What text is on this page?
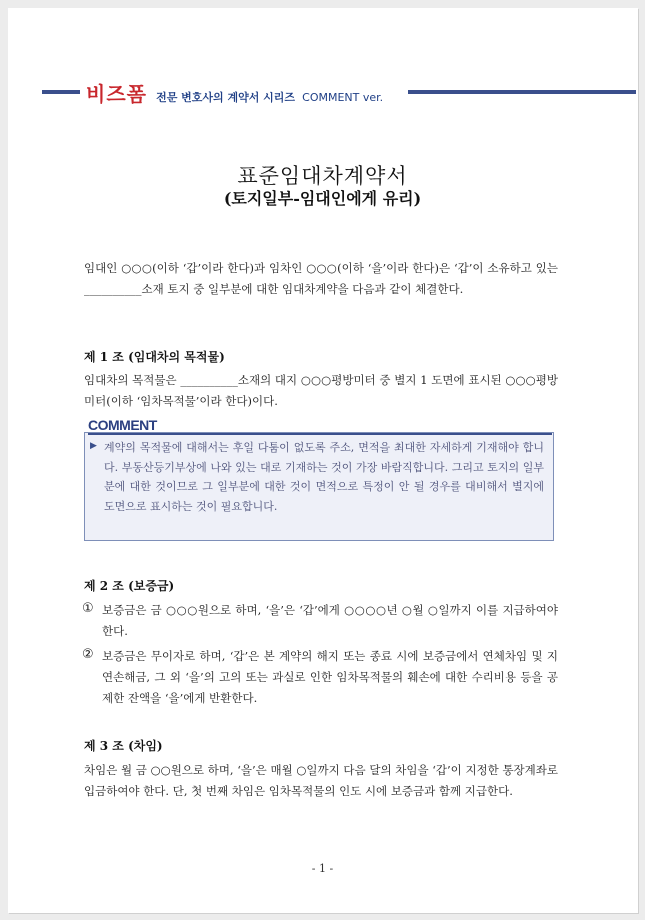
비즈폼 전문 변호사의 계약서 시리즈 COMMENT ver.
표준임대차계약서
(토지일부-임대인에게 유리)
임대인 ○○○(이하 ‘갑’이라 한다)과 임차인 ○○○(이하 ‘을’이라 한다)은 ‘갑’이 소유하고 있는 __________소재 토지 중 일부분에 대한 임대차계약을 다음과 같이 체결한다.
제 1 조 (임대차의 목적물)
임대차의 목적물은 __________소재의 대지 ○○○평방미터 중 별지 1 도면에 표시된 ○○○평방미터(이하 ‘임차목적물’이라 한다)이다.
COMMENT
▶ 계약의 목적물에 대해서는 후일 다툼이 없도록 주소, 면적을 최대한 자세하게 기재해야 합니다. 부동산등기부상에 나와 있는 대로 기재하는 것이 가장 바람직합니다. 그리고 토지의 일부분에 대한 것이므로 그 일부분에 대한 것이 면적으로 특정이 안 될 경우를 대비해서 별지에 도면으로 표시하는 것이 필요합니다.
제 2 조 (보증금)
① 보증금은 금 ○○○원으로 하며, ‘을’은 ‘갑’에게 ○○○○년 ○월 ○일까지 이를 지급하여야 한다.
② 보증금은 무이자로 하며, ‘갑’은 본 계약의 해지 또는 종료 시에 보증금에서 연체차임 및 지연손해금, 그 외 ‘을’의 고의 또는 과실로 인한 임차목적물의 훼손에 대한 수리비용 등을 공제한 잔액을 ‘을’에게 반환한다.
제 3 조 (차임)
차임은 월 금 ○○원으로 하며, ‘을’은 매월 ○일까지 다음 달의 차임을 ‘갑’이 지정한 통장계좌로 입금하여야 한다. 단, 첫 번째 차임은 임차목적물의 인도 시에 보증금과 함께 지급한다.
- 1 -
